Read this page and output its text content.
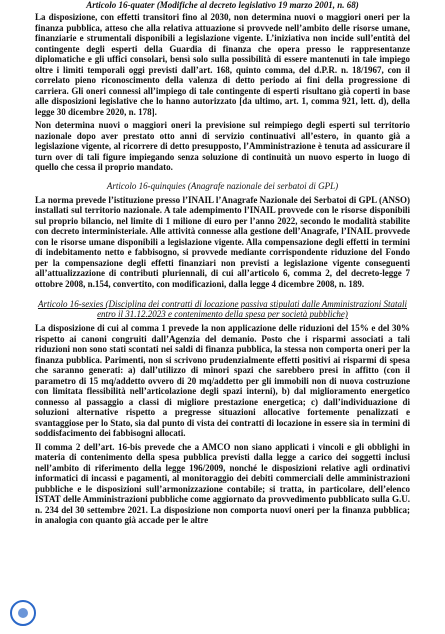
Articolo 16-quater (Modifiche al decreto legislativo 19 marzo 2001, n. 68)

La disposizione, con effetti transitori fino al 2030, non determina nuovi o maggiori oneri per la finanza pubblica, atteso che alla relativa attuazione si provvede nell’ambito delle risorse umane, finanziarie e strumentali disponibili a legislazione vigente. L’iniziativa non incide sull’entità del contingente degli esperti della Guardia di finanza che opera presso le rappresentanze diplomatiche e gli uffici consolari, bensì solo sulla possibilità di essere mantenuti in tale impiego oltre i limiti temporali oggi previsti dall’art. 168, quinto comma, del d.P.R. n. 18/1967, con il correlato pieno riconoscimento della valenza di detto periodo ai fini della progressione di carriera. Gli oneri connessi all’impiego di tale contingente di esperti risultano già coperti in base alle disposizioni legislative che lo hanno autorizzato [da ultimo, art. 1, comma 921, lett. d), della legge 30 dicembre 2020, n. 178].

Non determina nuovi o maggiori oneri la previsione sul reimpiego degli esperti sul territorio nazionale dopo aver prestato otto anni di servizio continuativi all’estero, in quanto già a legislazione vigente, al ricorrere di detto presupposto, l’Amministrazione è tenuta ad assicurare il turn over di tali figure impiegando senza soluzione di continuità un nuovo esperto in luogo di quello che cessa il proprio mandato.

Articolo 16-quinquies (Anagrafe nazionale dei serbatoi di GPL)

La norma prevede l’istituzione presso l’INAIL l’Anagrafe Nazionale dei Serbatoi di GPL (ANSO) installati sul territorio nazionale. A tale adempimento l’INAIL provvede con le risorse disponibili sul proprio bilancio, nel limite di 1 milione di euro per l’anno 2022, secondo le modalità stabilite con decreto interministeriale. Alle attività connesse alla gestione dell’Anagrafe, l’INAIL provvede con le risorse umane disponibili a legislazione vigente. Alla compensazione degli effetti in termini di indebitamento netto e fabbisogno, si provvede mediante corrispondente riduzione del Fondo per la compensazione degli effetti finanziari non previsti a legislazione vigente conseguenti all’attualizzazione di contributi pluriennali, di cui all’articolo 6, comma 2, del decreto-legge 7 ottobre 2008, n.154, convertito, con modificazioni, dalla legge 4 dicembre 2008, n. 189.

Articolo 16-sexies (Disciplina dei contratti di locazione passiva stipulati dalle Amministrazioni Statali entro il 31.12.2023 e contenimento della spesa per società pubbliche)

La disposizione di cui al comma 1 prevede la non applicazione delle riduzioni del 15% e del 30% rispetto ai canoni congruiti dall’Agenzia del demanio. Posto che i risparmi associati a tali riduzioni non sono stati scontati nei saldi di finanza pubblica, la stessa non comporta oneri per la finanza pubblica. Parimenti, non si scrivono prudenzialmente effetti positivi ai risparmi di spesa che saranno generati: a) dall’utilizzo di minori spazi che sarebbero presi in affitto (con il parametro di 15 mq/addetto ovvero di 20 mq/addetto per gli immobili non di nuova costruzione con limitata flessibilità nell’articolazione degli spazi interni), b) dal miglioramento energetico connesso al passaggio a classi di migliore prestazione energetica; c) dall’individuazione di soluzioni alternative rispetto a pregresse situazioni allocative fortemente penalizzati e svantaggiose per lo Stato, sia dal punto di vista dei contratti di locazione in essere sia in termini di soddisfacimento dei fabbisogni allocati.

Il comma 2 dell’art. 16-bis prevede che a AMCO non siano applicati i vincoli e gli obblighi in materia di contenimento della spesa pubblica previsti dalla legge a carico dei soggetti inclusi nell’ambito di riferimento della legge 196/2009, nonché le disposizioni relative agli ordinativi informatici di incassi e pagamenti, al monitoraggio dei debiti commerciali delle amministrazioni pubbliche e le disposizioni sull’armonizzazione contabile; si tratta, in particolare, dell’elenco ISTAT delle Amministrazioni pubbliche come aggiornato da provvedimento pubblicato sulla G.U. n. 234 del 30 settembre 2021. La disposizione non comporta nuovi oneri per la finanza pubblica; in analogia con quanto già accade per le altre
